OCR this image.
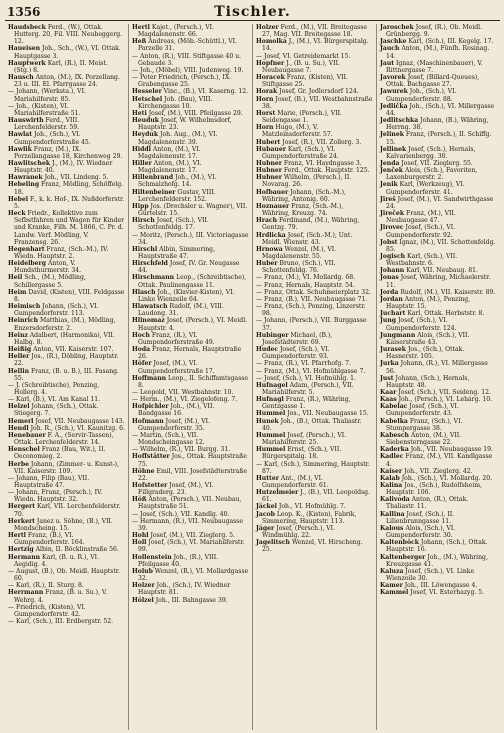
1356	Tischler.
Haudsbeck Ferd., (W.), Ottak. Hutterg. 20, Fil. VIII. Neubeggerg. 12.
Haueisen Joh., Sch., (W.), VI. Ottak. Hauptgasse 3.
Hauptwerk Karl, (R.), II. Meist. (Stg.) 8.
Hausch Anton, (M.), IX. Porzellang. 23 u. III. El. Pfarrgasse 24.
— Johann, (Werksta.), VI. Mariahilferstr. 85.
— Joh., (Kisten), VI. Mariahilferstraße 51.
Hauswirth Ferd., VIII. Lerchenfelderstr. 59.
Hawlat Joh., (Sch.), VI. Gumpendorferstraße 45.
Hawlik Franz, (M.), IX. Porzellangasse 18, Kirchenweg 29.
Hawlitschek J., (M.), IV. Wiedner Hauptstr. 40.
Hawranek Joh., VII. Lindeng. 5.
Hebeling Franz, Mödling, Schöffelg. 18.
Hebel F., k. k. Hof-, IX. Nußdorferstr. 5.
Heck Friedr., Kollektive zum Sefbstfahren und Wagen für Kinder und Kranke, Filh. M. 1866, C. Pr. d. Landw. Verf. Mödling, V. Franzensg. 26.
Hegenhart Franz, (Sch.-M.), IV. Wiedn. Hauptstr. 2.
Heidelberg Anton, V. Hundsthurmerstr. 34.
Heil Sch., (M.), Mödling, Schillergasse 5.
Heim David, (Kisten), VIII. Feldgasse 8.
Heimisch Johann, (Sch.), VI. Gumpendorferstr. 113.
Heinrich Matthias, (M.), Mödling, Enzersdorferstr. 2.
Heinz Adalbert, (Harmonika), VII. Halbg. 8.
Heißig Anton, VII. Kaiserstr. 107.
Heller Jos., (R.), Döbling, Hauptstr. 22.
Hellin Franz, (B. u. B.), III. Fasang. 55.
— J. (Schreibtische), Penzing, Hollerg. 4.
— Karl, (B.), VI. Am Kanal 11.
Helzel Johann, (Sch.), Ottak. Stiegerg. 7.
Hemerl Josef, VII. Neubaugasse 143.
Hendl Joh. R., (Sch.), VI. Kaunitzg. 6.
Henebauer F. A., (Servir-Tassen), Ottak. Lerchenfelderstr. 14.
Henschel Franz (Bau, Wit.), II. Oeconomieg. 2.
Herbe Johann, (Zimmer- u. Kunst-), VII. Kaiserstr. 109.
— Johann, Filip (Bau), VII. Hauptstraße 47.
— Johann, Franz, (Persch.), IV. Wiedn. Hauptstr. 32.
Hergert Karl, VII. Lerchenfelderstr. 70.
Herkert Janez u. Söhne, (B.), VII. Mondscheing. 15.
Hertl Franz, (B.), VI. Gumpendorferstr. 164.
Hertzig Albin, II. Böcklinstraße 56.
Hermann Karl, (B. u. R.), VI. Aegidig. 4.
— August, (B.), Ob. Meidl. Hauptstr. 60.
— Karl, (R.), II. Sturg. 8.
Herrmann Franz, (B. u. Su.), V. Wehrg. 4.
— Friedrich, (Kisten), VI. Gumpendorferstr. 42.
— Karl, (Sch.), III. Erdbergstr. 52.
Hertl Kajet., (Persch.), VI. Magdalenenstr. 66.
Heß Andreas, (Möb.-Schüttl.), VI. Parzelle 31.
— Anton, (R.), VIII. Stiftgasse 40 u. Gebaude 3.
— Joh., (Möbel), VIII. Judenweg. 19.
— Peter Friedrich, (Persch.), IX. Grabengasse 25.
Hesseler Vinc., (B.), VI. Kaserng. 12.
Hetschel Joh. (Bau), VIII. Kirchengasse 10.
Heti Josef, (M.), VIII. Pfeilgasse 29.
Heuduk Josef, W. Wilhelmsdorf, Hauptstr. 23.
Heyduk Joh. Aug., (M.), VI. Magdalenenstr. 39.
Hiddl Anton, (M.), VI. Magdalenenstr. 17.
Hiller Anton, (M.), VI. Magdalenenstr. 17.
Hillenbrand Joh., (M.), VI. Schmalzhofg. 14.
Hiltenbeiner Gustav, VIII. Lerchenfelderstr. 152.
Hipp Jos. (Drechsler u. Wagner), VII. Gürtelstr. 15.
Hirsch Josef, (Sch.), VII. Schottenfeldg. 17.
— Moritz, (Persch.), III. Victoriagasse 34.
Hirschl Albin, Simmering, Hauptstraße 47.
Hirschfeld Josef, IV. Gr. Neugasse 44.
Hirschmann Leop., (Schreibtische), Ottak. Paulinengasse 11.
Hlasch Joh., (Klavier-Kisten), VI. Linke Wienzeile 64.
Hlawatsch Rudolf, (M.), VIII. Laudong. 31.
Hlinomaz Josef, (Persch.), VI. Meidl. Hauptstr. 4.
Hoch Franz, (R.), VI. Gumpendorferstraße 49.
Hoda Franz, Hernals, Hauptstraße 26.
Höfer Josef, (M.), VI. Gumpendorferstraße 17.
Hoffmann Leop., II. Schiffamtsgasse 8.
— Leopold, VII. Westbahnstr. 10.
— Herm., (M.), VI. Ziegelofeng. 7.
Hofpichler Joh., (M.), VII. Bandgasse 16.
Hofmann Josef, (M.), VI. Gumpendorferstr. 35.
— Martin, (Sch.), VII. Mondscheingasse 12.
— Wilhelm, (R.), VII. Burgg. 31.
Hoffstätter Jos., Ottak. Hauptstraße 75.
Höhne Emil, VIII. Josefstädterstraße 22.
Hofstetter Josef, (M.), VI. Fillgraderg. 23.
Höß Anton, (Persch.), VII. Neubau, Hauptstraße 51.
— Josef, (Sch.), VII. Kandlg. 40.
— Hermann, (R.), VII. Neubaugasse 39.
Hohl Josef, (M.), VII. Zieglerg. 5.
Holl Josef, (Sch.), VI. Mariahilferstr. 99.
Hollenstein Joh., (R.), VIII. Pfeilgasse 40.
Holub Wenzel, (R.), VI. Mollardgasse 32.
Holzer Joh., (Sch.), IV. Wiedner Hauptstr. 81.
Hölzel Joh., III. Bahngasse 39.
Holzer Ferd., (M.), VII. Breitegasse 27, Mag. VII. Breitegasse 18.
Homolka J., (M.), VI. Bürgerspitalg. 14.
— Josef, VI. Getreidemarkt 15.
Hopfner J., (B. u. Su.), VII. Neubaugasse 7.
Horacek Franz, (Kisten), VII. Stiftgasse 25.
Horak Josef, Gr. Jedlersdorf 124.
Horn Josef, (B.), VII. Westbahnstraße 38.
Horst Marie, (Persch.), VII. Seidengasse 1.
Horn Hugo, (M.), V. Matzleinsdorferstr. 57.
Hubert Josef, (R.), VII. Zollerg. 3.
Hubauer Karl, (Sch.), VI. Gumpendorferstraße 24.
Hubner Franz, VI. Haydngasse 3.
Hubner Ferd., Ottak. Hauptstr. 125.
Hubner Wilhelm, (Persch.), II. Novarag. 26.
Hofbauer Johann, (Sch.-M.), Währing, Antonig. 60.
Hoznauer Franz, (Sch.-M.), Währing, Kreuzg. 74.
Hrach Ferdinand, (M.), Währing, Gentzg. 79.
Hrdlicka Josef, (Sch.-M.), Unt. Meidl. Wienstr. 43.
Hrnowa Wenzel, (M.), VI. Magdalenenstr. 55.
Huber Bruno, (Sch.), VII. Schottenfeldg. 76.
— Franz, (M.), VI. Mollardg. 68.
— Franz, Hernals, Hauptstr. 54.
— Franz, Ottak. Schuhmeierplatz 32.
— Franz, (B.), VII. Neubaugasse 71.
— Franz, (Sch.), Penzing, Linzerstr. 98.
— Johann, (Persch.), VII. Burggasse 37.
Hubinger Michael, (B.), Josefstädterstr. 69.
Hudec Josef, (Sch.), VI. Gumpendorferstr. 93.
— Franz, (R.), VI. Pfarrhofg. 7.
— Franz, (M.), VI. Hofmühlgasse 7.
— Josef, (Sch.), VI. Hofmühlg. 1.
Hufnagel Adam, (Persch.), VII. Mariahilferstr. 5.
Hufnagl Franz, (R.), Währing, Gentzgasse 1.
Hummel Jos., VII. Neubaugasse 15.
Hunek Joh., (B.), Ottak. Thaliastr. 40.
Hummel Josef, (Persch.), VI. Mariahilferstr. 25.
Hummel Ernst, (Sch.), VII. Bürgerspitalg. 18.
— Karl, (Sch.), Simmering, Hauptstr. 87.
Hutter Ant., (M.), VI. Gumpendorferstr. 61.
Hutzelmeier J., (B.), VII. Leopoldsg. 61.
Jäckel Joh., VI. Hofmühlg. 7.
Jacob Leop. K., (Kisten), Fabrik, Simmering, Hauptstr. 113.
Jäger Josef, (Persch.), VI. Windmühlg. 22.
Jagelitsch Wenzel, VI. Hirscheng. 25.
Jaroschek Josef, (R.), Ob. Meidl. Grünbergg. 9.
Jaschke Karl, (Sch.), III. Kegelg. 17.
Jauch Anton, (M.), Fünfh. Rosinag. 14.
Jaut Ignaz, (Maschinenbauer), V. Rittnergasse 7.
Javorek Josef, (Billard-Queues), Ottak. Bachgasse 27.
Jawurek Joh., (Sch.), VI. Gumpendorferstr. 88.
Jedlička Joh., (Sch.), VI. Millergasse 44.
Jedlitschka Johann, (B.), Währing, Herrng. 38.
Jelinek Franz, (Persch.), II. Schiffg. 15.
Jellinek Josef, (Sch.), Hernals, Kalvarienbergg. 30.
Jenda Josef, VII. Zieglerg. 55.
Jenček Alois, (Sch.), Favoriten, Laxenburgerstr. 2.
Jenik Karl, (Werkzeug), VI. Gumpendorferstr. 41.
Jireš Josef, (M.), VI. Sandwirthgasse 24.
Jireček Franz, (M.), VII. Neubaugasse 47.
Jirovec Josef, (Sch.), VI. Gumpendorferstr. 92.
Jobst Ignaz, (M.), VII. Schottenfeldg. 85.
Jogisch Karl, (Sch.), VII. Westbahnstr. 6.
Johann Karl, VII. Neubaug. 81.
Jonas Josef, Währing, Michaelerstr. 11.
Jorda Rudolf, (M.), VII. Kaiserstr. 89.
Jordan Anton, (M.), Penzing, Hauptstr. 15.
Juchart Karl, Ottak. Herbststr. 8.
Jung Josef, (Sch.), VI. Gumpendorferstr. 124.
Jungmann Alois, (Sch.), VII. Kaiserstraße 43.
Jurasek Jos., (Sch.), Ottak. Hasnerstr. 105.
Jurka Johann, (R.), VI. Millergasse 56.
Just Johann, (Sch.), Hernals, Hauptstr. 48.
Kaar Josef, (Sch.), VII. Seideng. 12.
Kaas Joh., (Persch.), VI. Lehárg. 10.
Kabelac Josef, (Sch.), VI. Gumpendorferstr. 43.
Kabelka Franz, (Sch.), VI. Stumpergasse 38.
Kabesch Anton, (M.), VII. Siebensterngasse 22.
Kaderka Joh., VII. Neubaugasse 19.
Kadlec Franz, (M.), VII. Kandlgasse 4.
Kaiser Joh., VII. Zieglerg. 42.
Kalab Joh., (Sch.), VI. Mollardg. 20.
Kalina Jos., (Sch.), Rudolfsheim, Hauptstr. 106.
Kalivoda Anton, (R.), Ottak. Thaliastr. 11.
Kallina Josef, (Sch.), II. Lilienbrunngasse 11.
Kalous Alois, (Sch.), VI. Gumpendorferstr. 30.
Kaltenböck Johann, (Sch.), Ottak. Hauptstr. 16.
Kaltenberger Joh., (M.), Währing, Kreuzgasse 41.
Kaluza Josef, (Sch.), VI. Linke Wienzeile 30.
Kamer Joh., III. Löwengasse 4.
Kammel Josef, VI. Esterhazyg. 5.
